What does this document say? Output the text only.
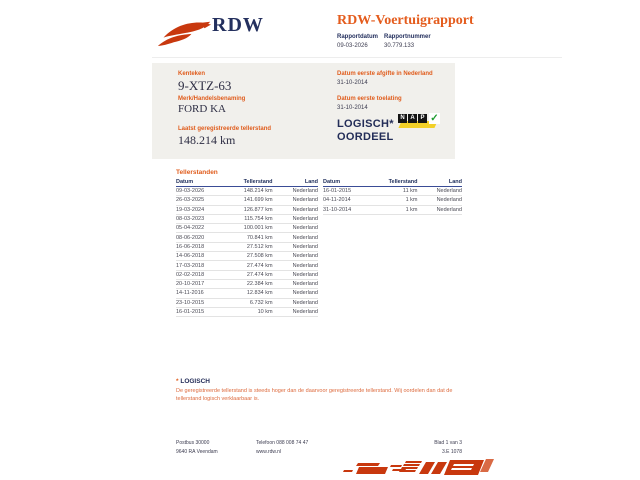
RDW	RDW-Voertuigrapport
Rapportdatum
09-03-2026
Rapportnummer
30.779.133
Kenteken
9-XTZ-63
Merk/Handelsbenaming
FORD KA
Laatst geregistreerde tellerstand
148.214 km
Datum eerste afgifte in Nederland
31-10-2014
Datum eerste toelating
31-10-2014
LOGISCH*
OORDEEL
N A P ✓
Tellerstanden
Datum	Tellerstand	Land
09-03-2026	148.214 km	Nederland
26-03-2025	141.699 km	Nederland
19-03-2024	126.877 km	Nederland
08-03-2023	115.754 km	Nederland
05-04-2022	100.001 km	Nederland
08-06-2020	70.841 km	Nederland
16-06-2018	27.512 km	Nederland
14-06-2018	27.508 km	Nederland
17-03-2018	27.474 km	Nederland
02-02-2018	27.474 km	Nederland
20-10-2017	22.384 km	Nederland
14-11-2016	12.834 km	Nederland
23-10-2015	6.732 km	Nederland
16-01-2015	10 km	Nederland
Datum	Tellerstand	Land
16-01-2015	11 km	Nederland
04-11-2014	1 km	Nederland
31-10-2014	1 km	Nederland
* LOGISCH
De geregistreerde tellerstand is steeds hoger dan de daarvoor geregistreerde tellerstand. Wij oordelen dan dat de tellerstand logisch verklaarbaar is.
Postbus 30000
9640 RA Veendam
Telefoon 088 008 74 47
www.rdw.nl
Blad 1 van 3
3.E 1078
